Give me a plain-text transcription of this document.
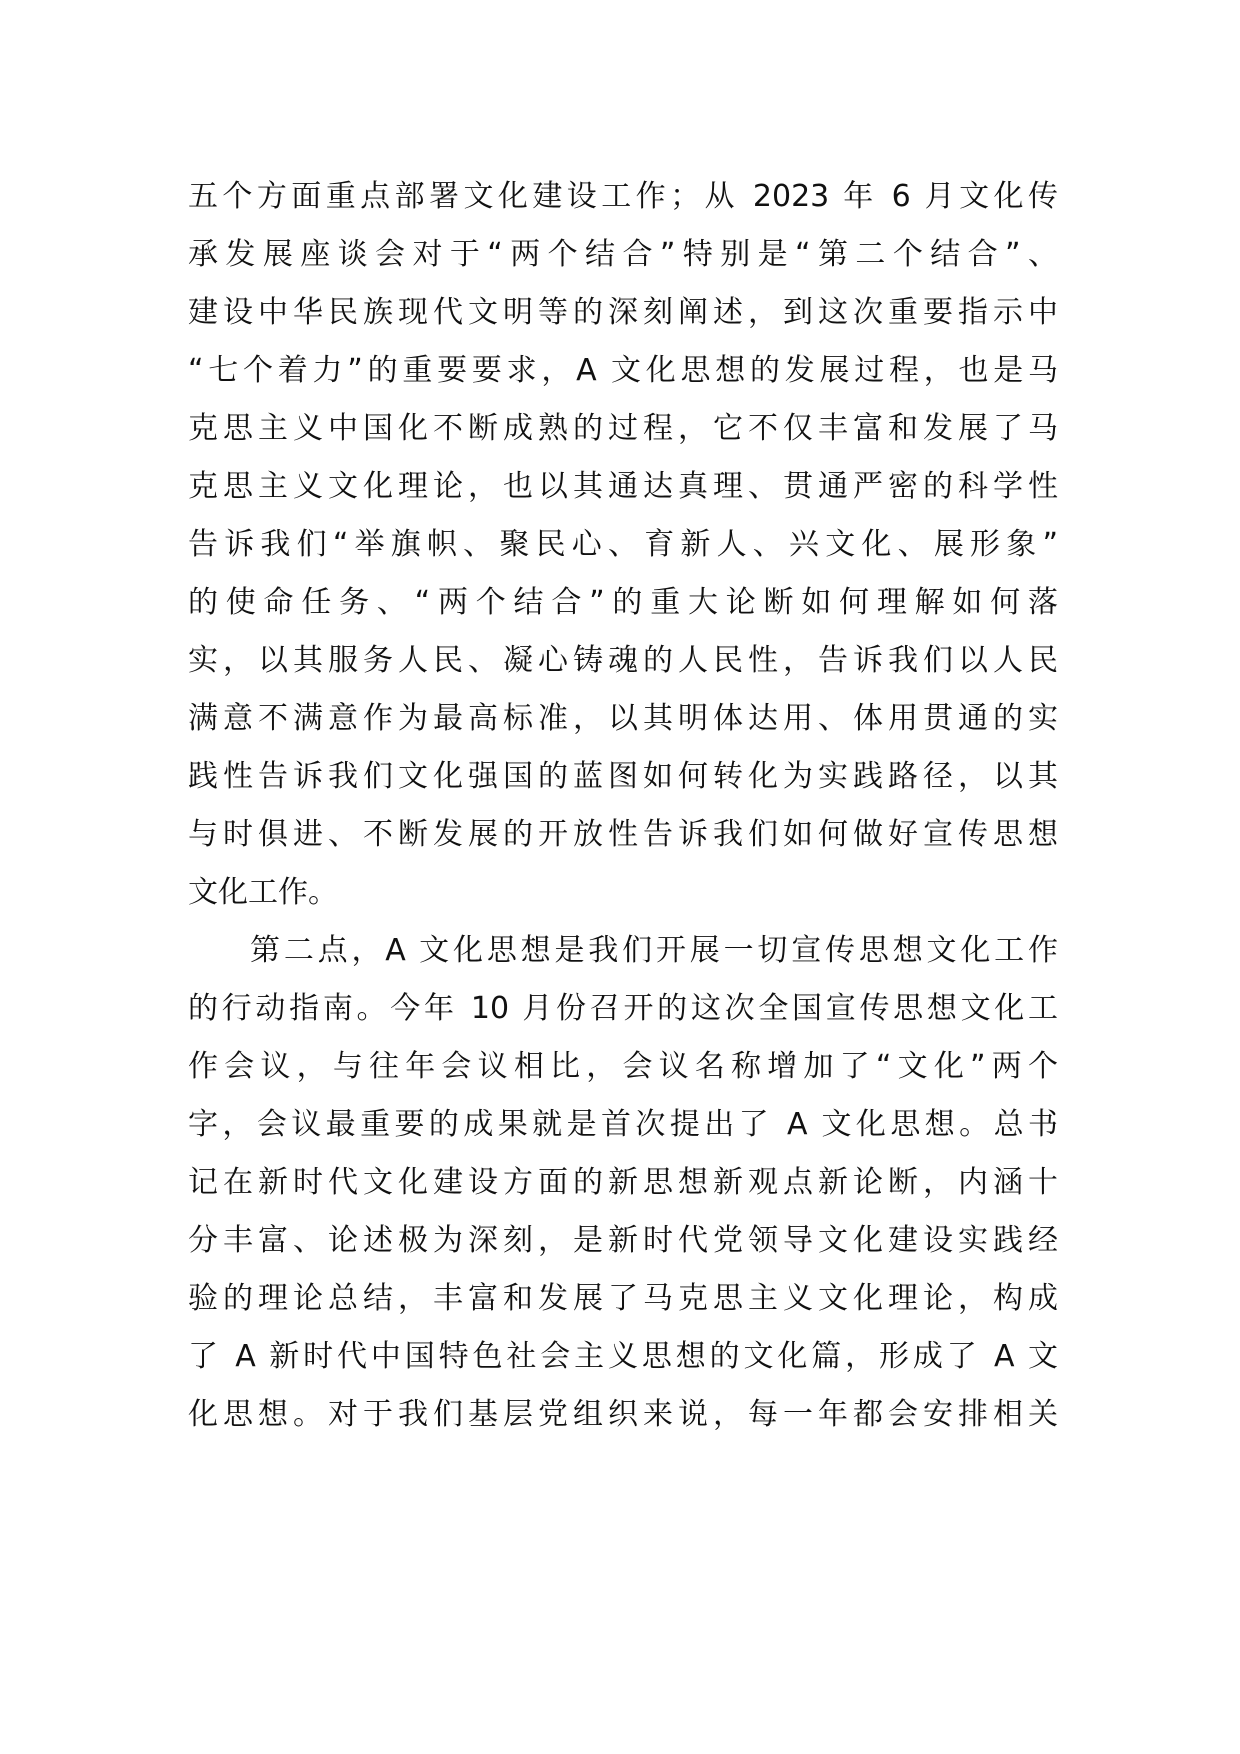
五个方面重点部署文化建设工作；从 2023 年 6 月文化传
承发展座谈会对于“两个结合”特别是“第二个结合”、
建设中华民族现代文明等的深刻阐述，到这次重要指示中
“七个着力”的重要要求，A 文化思想的发展过程，也是马
克思主义中国化不断成熟的过程，它不仅丰富和发展了马
克思主义文化理论，也以其通达真理、贯通严密的科学性
告诉我们“举旗帜、聚民心、育新人、兴文化、展形象”
的使命任务、“两个结合”的重大论断如何理解如何落
实，以其服务人民、凝心铸魂的人民性，告诉我们以人民
满意不满意作为最高标准，以其明体达用、体用贯通的实
践性告诉我们文化强国的蓝图如何转化为实践路径，以其
与时俱进、不断发展的开放性告诉我们如何做好宣传思想
文化工作。
第二点，A 文化思想是我们开展一切宣传思想文化工作
的行动指南。今年 10 月份召开的这次全国宣传思想文化工
作会议，与往年会议相比，会议名称增加了“文化”两个
字，会议最重要的成果就是首次提出了 A 文化思想。总书
记在新时代文化建设方面的新思想新观点新论断，内涵十
分丰富、论述极为深刻，是新时代党领导文化建设实践经
验的理论总结，丰富和发展了马克思主义文化理论，构成
了 A 新时代中国特色社会主义思想的文化篇，形成了 A 文
化思想。对于我们基层党组织来说，每一年都会安排相关
